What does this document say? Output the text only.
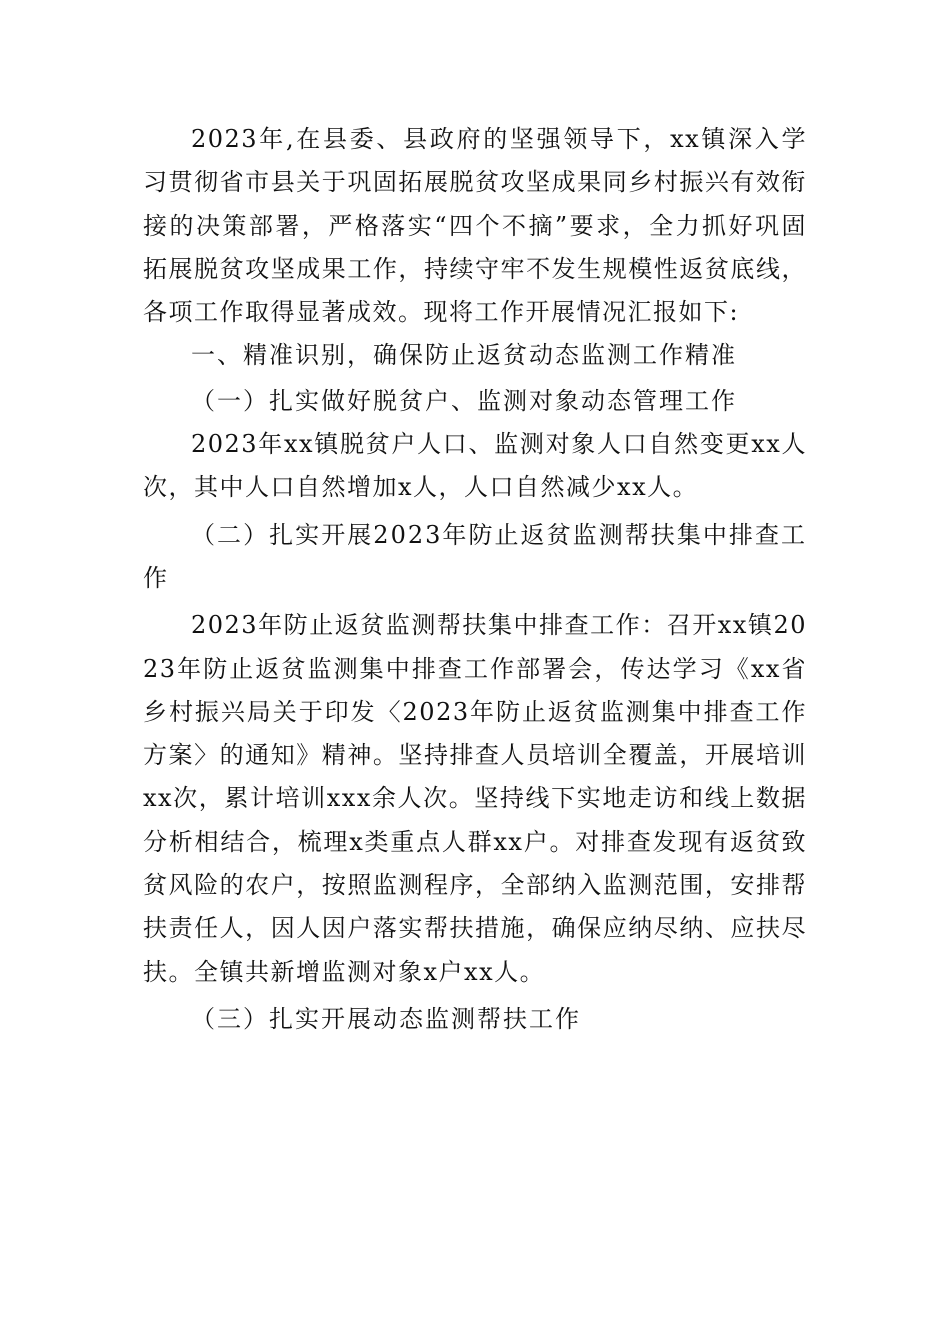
2023年,在县委、县政府的坚强领导下，xx镇深入学习贯彻省市县关于巩固拓展脱贫攻坚成果同乡村振兴有效衔接的决策部署，严格落实“四个不摘”要求，全力抓好巩固拓展脱贫攻坚成果工作，持续守牢不发生规模性返贫底线，各项工作取得显著成效。现将工作开展情况汇报如下:

一、精准识别，确保防止返贫动态监测工作精准

（一）扎实做好脱贫户、监测对象动态管理工作

2023年xx镇脱贫户人口、监测对象人口自然变更xx人次，其中人口自然增加x人，人口自然减少xx人。

（二）扎实开展2023年防止返贫监测帮扶集中排查工作

2023年防止返贫监测帮扶集中排查工作：召开xx镇2023年防止返贫监测集中排查工作部署会，传达学习《xx省乡村振兴局关于印发〈2023年防止返贫监测集中排查工作方案〉的通知》精神。坚持排查人员培训全覆盖，开展培训xx次，累计培训xxx余人次。坚持线下实地走访和线上数据分析相结合，梳理x类重点人群xx户。对排查发现有返贫致贫风险的农户，按照监测程序，全部纳入监测范围，安排帮扶责任人，因人因户落实帮扶措施，确保应纳尽纳、应扶尽扶。全镇共新增监测对象x户xx人。

（三）扎实开展动态监测帮扶工作
